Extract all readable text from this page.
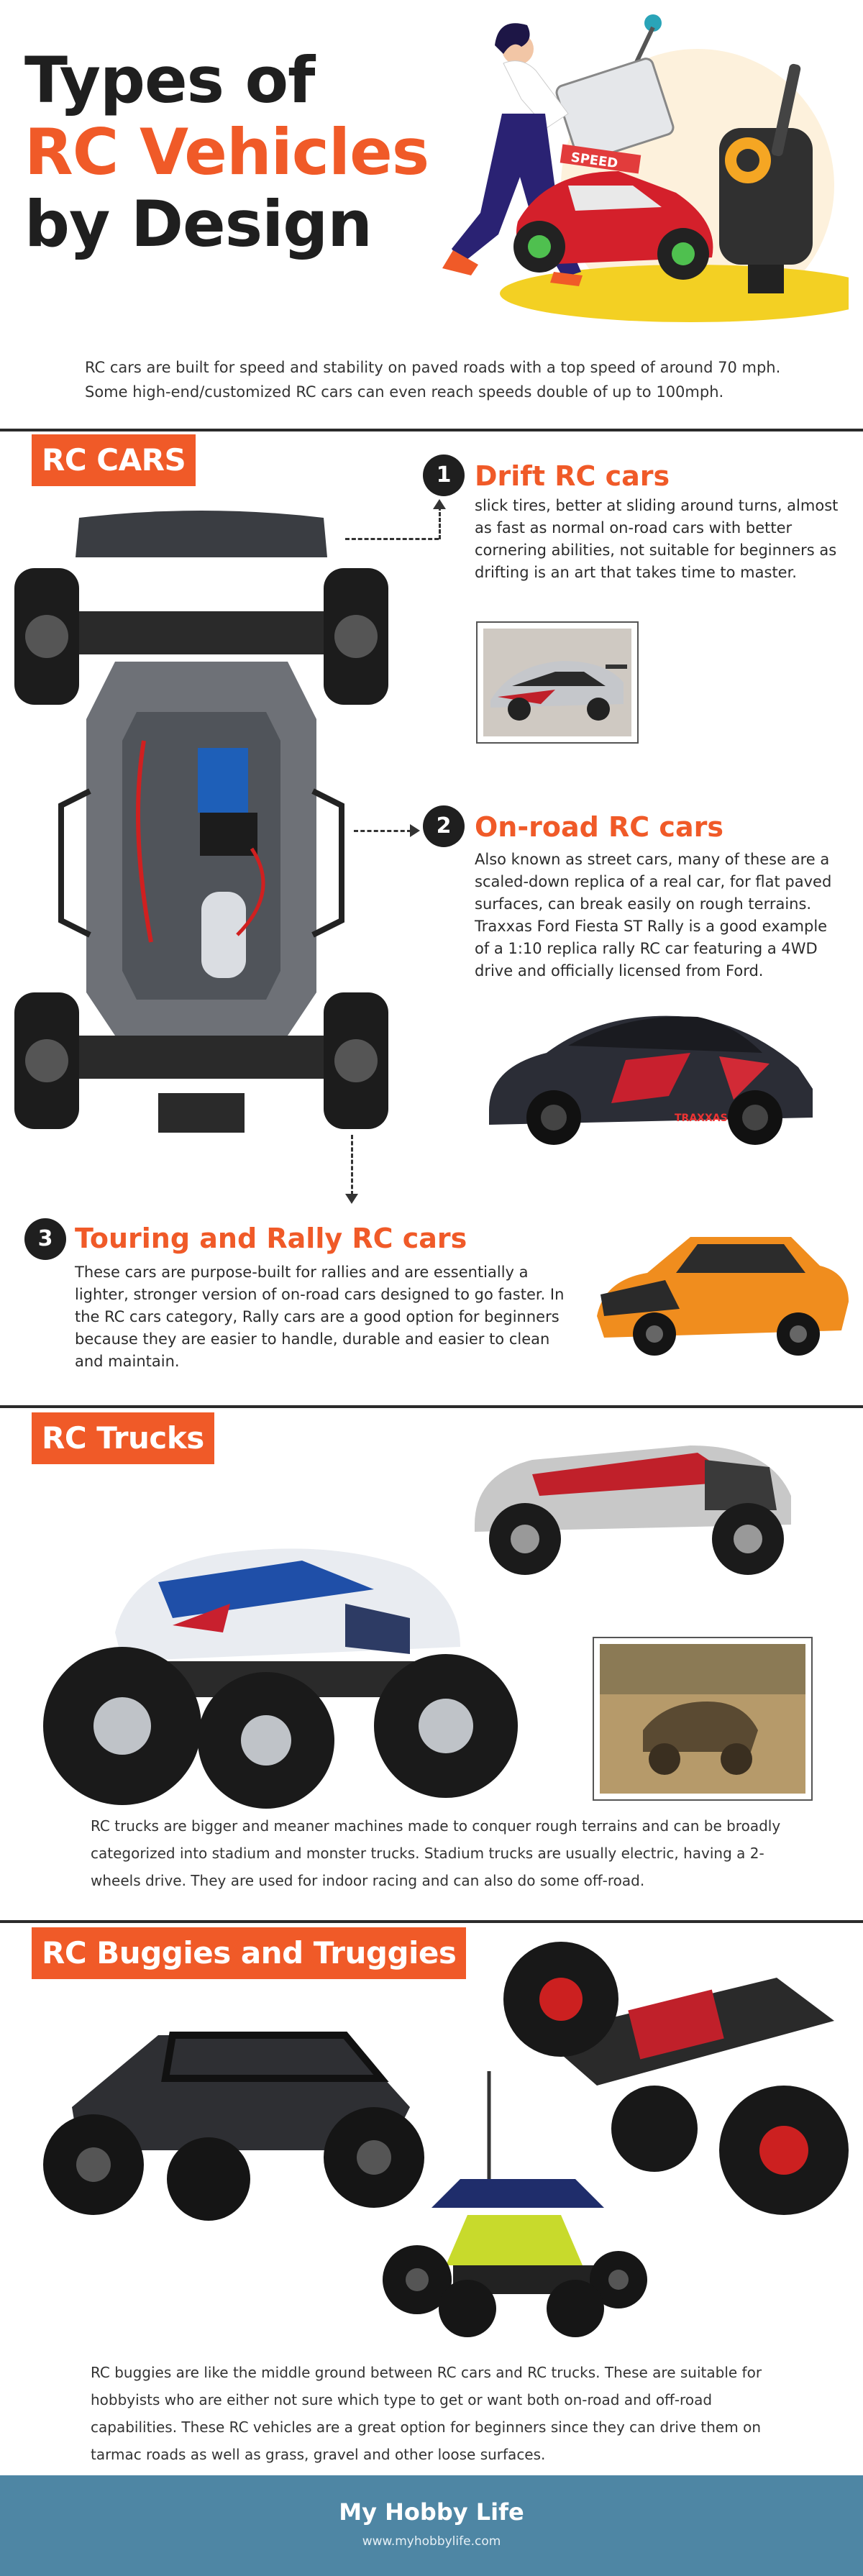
Types of
RC Vehicles
by Design
SPEED
RC cars are built for speed and stability on paved roads with a top speed of around 70 mph. Some high-end/customized RC cars can even reach speeds double of up to 100mph.
RC CARS	1 Drift RC cars
slick tires, better at sliding around turns, almost as fast as normal on-road cars with better cornering abilities, not suitable for beginners as drifting is an art that takes time to master.
2 On-road RC cars
Also known as street cars, many of these are a scaled-down replica of a real car, for flat paved surfaces, can break easily on rough terrains. Traxxas Ford Fiesta ST Rally is a good example of a 1:10 replica rally RC car featuring a 4WD drive and officially licensed from Ford.
TRAXXAS
3 Touring and Rally RC cars
These cars are purpose-built for rallies and are essentially a lighter, stronger version of on-road cars designed to go faster. In the RC cars category, Rally cars are a good option for beginners because they are easier to handle, durable and easier to clean and maintain.
RC Trucks
RC trucks are bigger and meaner machines made to conquer rough terrains and can be broadly categorized into stadium and monster trucks. Stadium trucks are usually electric, having a 2-wheels drive. They are used for indoor racing and can also do some off-road.
RC Buggies and Truggies
RC buggies are like the middle ground between RC cars and RC trucks. These are suitable for hobbyists who are either not sure which type to get or want both on-road and off-road capabilities. These RC vehicles are a great option for beginners since they can drive them on tarmac roads as well as grass, gravel and other loose surfaces.
My Hobby Life
www.myhobbylife.com
